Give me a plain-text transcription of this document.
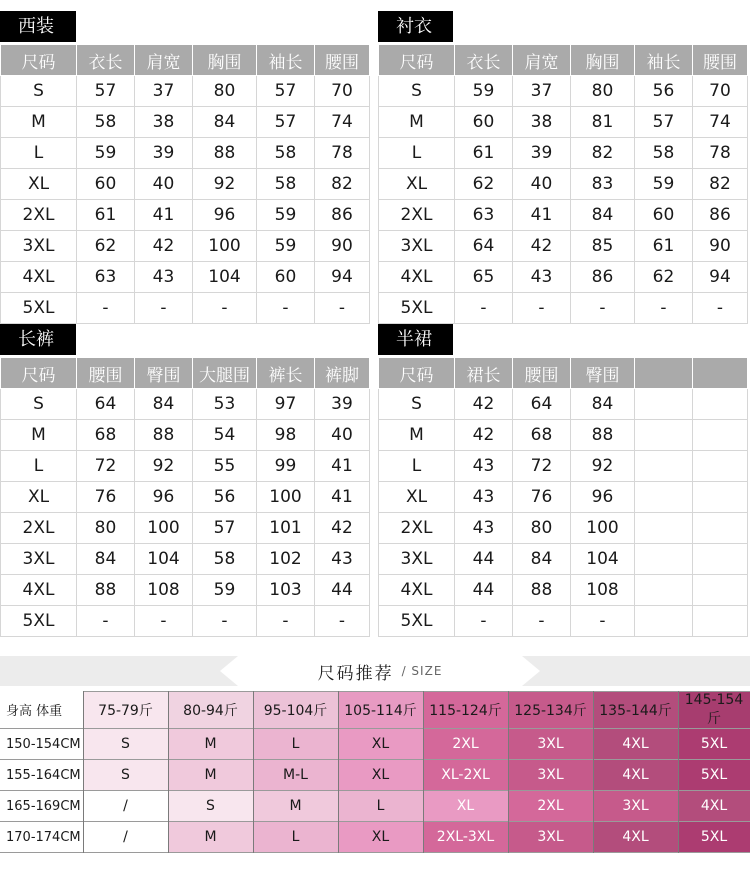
西装
尺码	衣长	肩宽	胸围	袖长	腰围
S	57	37	80	57	70
M	58	38	84	57	74
L	59	39	88	58	78
XL	60	40	92	58	82
2XL	61	41	96	59	86
3XL	62	42	100	59	90
4XL	63	43	104	60	94
5XL	-	-	-	-	-
衬衣
尺码	衣长	肩宽	胸围	袖长	腰围
S	59	37	80	56	70
M	60	38	81	57	74
L	61	39	82	58	78
XL	62	40	83	59	82
2XL	63	41	84	60	86
3XL	64	42	85	61	90
4XL	65	43	86	62	94
5XL	-	-	-	-	-
长裤
尺码	腰围	臀围	大腿围	裤长	裤脚
S	64	84	53	97	39
M	68	88	54	98	40
L	72	92	55	99	41
XL	76	96	56	100	41
2XL	80	100	57	101	42
3XL	84	104	58	102	43
4XL	88	108	59	103	44
5XL	-	-	-	-	-
半裙
尺码	裙长	腰围	臀围		
S	42	64	84		
M	42	68	88		
L	43	72	92		
XL	43	76	96		
2XL	43	80	100		
3XL	44	84	104		
4XL	44	88	108		
5XL	-	-	-		
尺码推荐 / SIZE
身高 体重	75-79斤	80-94斤	95-104斤	105-114斤	115-124斤	125-134斤	135-144斤	145-154斤
150-154CM	S	M	L	XL	2XL	3XL	4XL	5XL
155-164CM	S	M	M-L	XL	XL-2XL	3XL	4XL	5XL
165-169CM	/	S	M	L	XL	2XL	3XL	4XL
170-174CM	/	M	L	XL	2XL-3XL	3XL	4XL	5XL
